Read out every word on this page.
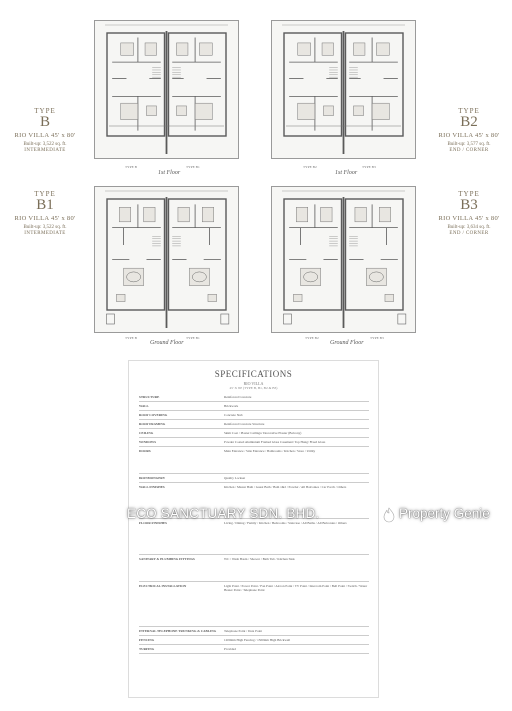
TYPE B	TYPE B1	TYPE B2	TYPE B3
TYPE B	TYPE B1	TYPE B2	TYPE B3
1st Floor	1st Floor
Ground Floor	Ground Floor
TYPE
B
RIO VILLA 45' x 80'
Built-up: 3,522 sq. ft.
INTERMEDIATE
TYPE
B2
RIO VILLA 45' x 80'
Built-up: 3,577 sq. ft.
END / CORNER
TYPE
B1
RIO VILLA 45' x 80'
Built-up: 3,522 sq. ft.
INTERMEDIATE
TYPE
B3
RIO VILLA 45' x 80'
Built-up: 3,634 sq. ft.
END / CORNER
SPECIFICATIONS
RIO VILLA
45' X 80' (TYPE B, B1, B2 & B3)
STRUCTURE	Reinforced Concrete
WALL	Brickwork
ROOF COVERING	Concrete Slab
ROOF FRAMING	Reinforced Concrete Structure
CEILING	Skim Coat / Plaster Ceilings/ Decorative Plaster (Balcony)
WINDOWS	Powder Coated Aluminium Framed Glass Casement/ Top Hung/ Fixed Glass
DOORS	Main Entrance / Side Entrance / Bathrooms / Kitchen / Store / Utility
IRONMONGERY	Quality Lockset
WALL FINISHES	Kitchen / Master Bath / Guest Bath / Bath 1&2 / Powder / All Balconies / Car Porch / Others
FLOOR FINISHES	Living / Dining / Family / Kitchen / Bedrooms / Staircase / All Baths / All Balconies / Others
SANITARY & PLUMBING FITTINGS	WC / Wash Basin / Shower / Bath Tub / Kitchen Sink
ELECTRICAL INSTALLATION	Light Point / Power Point / Fan Point / Aircon Point / TV Point / Intercom Point / Bell Point / Switch / Water Heater Point / Telephone Point
INTERNAL TELEPHONE TRUNKING & CABLING	Telephone Point / Data Point
FENCING	1200mm High Fencing / 1500mm High Brickwall
TURFING	Provided
ECO SANCTUARY SDN. BHD.	Property Genie
